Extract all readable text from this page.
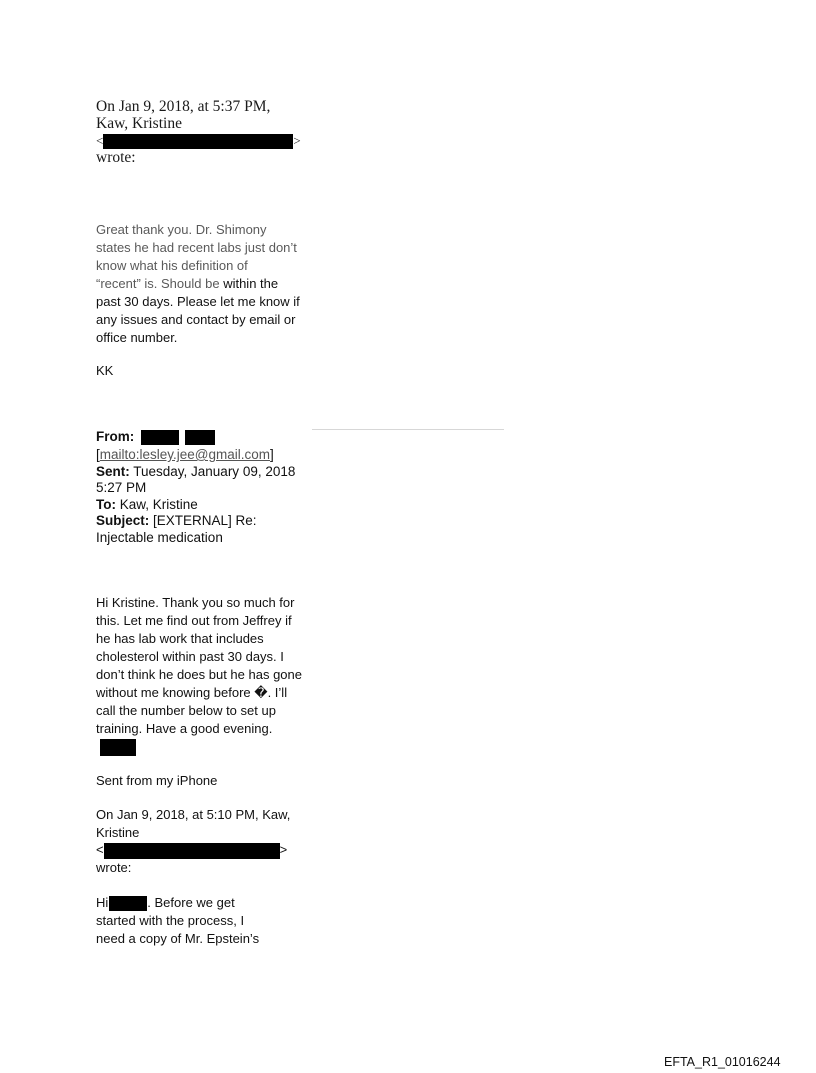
On Jan 9, 2018, at 5:37 PM,
Kaw, Kristine
<	>
wrote:
Great thank you. Dr. Shimony
states he had recent labs just don’t
know what his definition of
“recent” is. Should be within the
past 30 days. Please let me know if
any issues and contact by email or
office number.
KK
From:
[mailto:lesley.jee@gmail.com]
Sent: Tuesday, January 09, 2018
5:27 PM
To: Kaw, Kristine
Subject: [EXTERNAL] Re:
Injectable medication
Hi Kristine. Thank you so much for
this. Let me find out from Jeffrey if
he has lab work that includes
cholesterol within past 30 days. I
don’t think he does but he has gone
without me knowing before �. I’ll
call the number below to set up
training. Have a good evening.
Sent from my iPhone
On Jan 9, 2018, at 5:10 PM, Kaw,
Kristine
<	>
wrote:
Hi	. Before we get
started with the process, I
need a copy of Mr. Epstein’s
EFTA_R1_01016244
